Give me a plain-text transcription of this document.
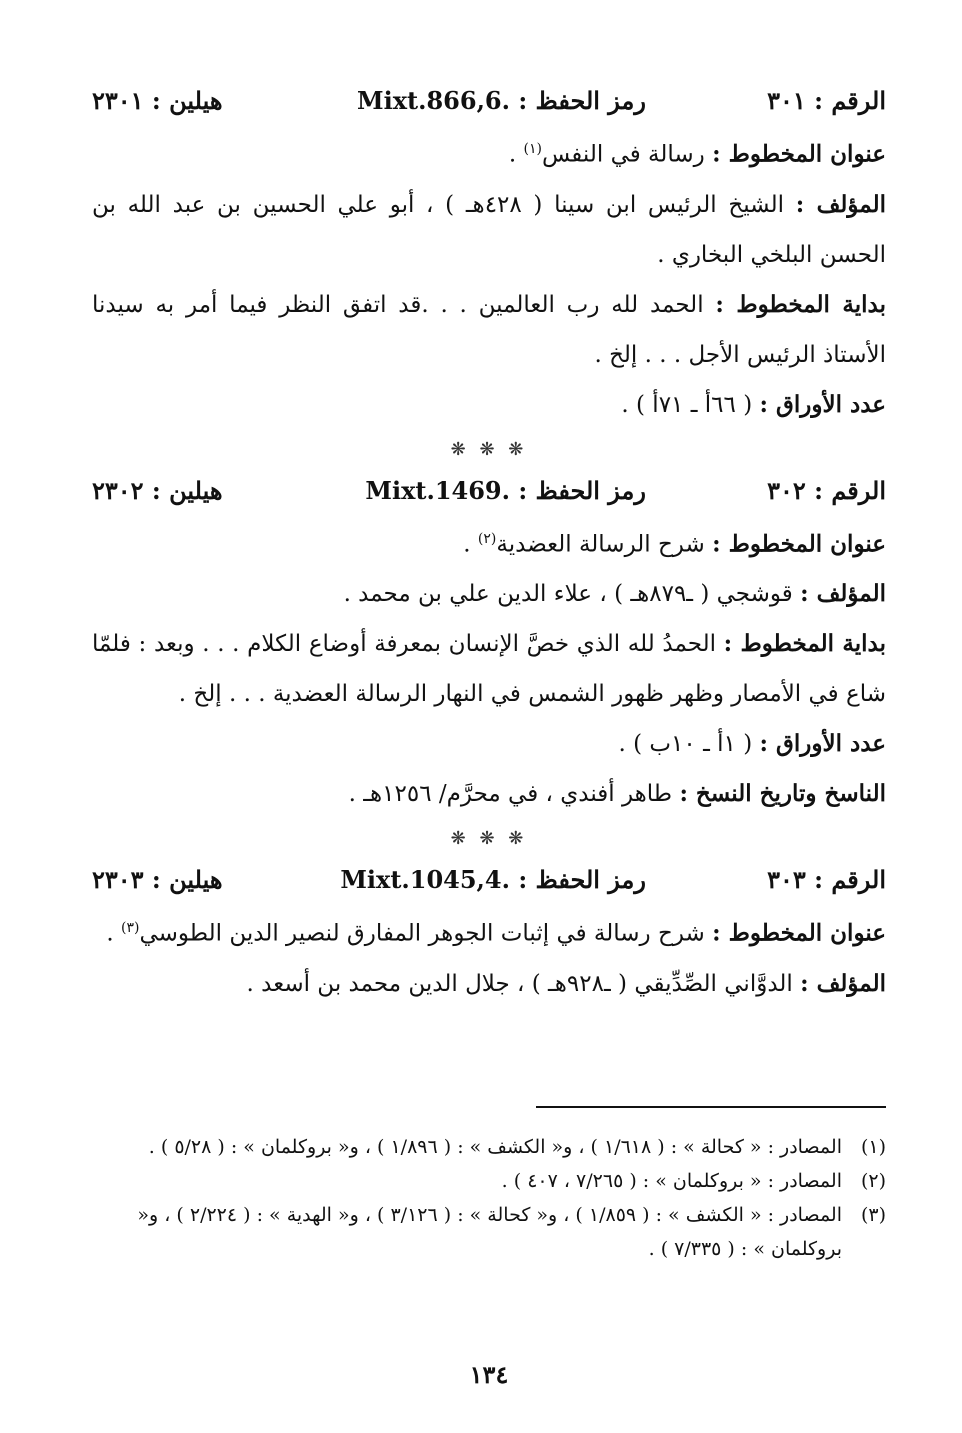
الرقم : ٣٠١
رمز الحفظ : .Mixt.866,6
هيلين : ٢٣٠١

عنوان المخطوط : رسالة في النفس$^{(١)}$ .

المؤلف : الشيخ الرئيس ابن سينا ( ٤٢٨هـ ) ، أبو علي الحسين بن عبد الله بن الحسن البلخي البخاري .

بداية المخطوط : الحمد لله رب العالمين . . .قد اتفق النظر فيما أمر به سيدنا الأستاذ الرئيس الأجل . . . إلخ .

عدد الأوراق : ( ٦٦أ ـ ٧١أ ) .

❋ ❋ ❋
الرقم : ٣٠٢
رمز الحفظ : .Mixt.1469
هيلين : ٢٣٠٢

عنوان المخطوط : شرح الرسالة العضدية$^{(٢)}$ .

المؤلف : قوشجي ( ـ٨٧٩هـ ) ، علاء الدين علي بن محمد .

بداية المخطوط : الحمدُ لله الذي خصَّ الإنسان بمعرفة أوضاع الكلام . . . وبعد : فلمّا شاع في الأمصار وظهر ظهور الشمس في النهار الرسالة العضدية . . . إلخ .

عدد الأوراق : ( ١أ ـ ١٠ب ) .

الناسخ وتاريخ النسخ : طاهر أفندي ، في محرَّم/ ١٢٥٦هـ .

❋ ❋ ❋
الرقم : ٣٠٣
رمز الحفظ : .Mixt.1045,4
هيلين : ٢٣٠٣

عنوان المخطوط : شرح رسالة في إثبات الجوهر المفارق لنصير الدين الطوسي$^{(٣)}$ .

المؤلف : الدوَّاني الصِّدِّيقي ( ـ٩٢٨هـ ) ، جلال الدين محمد بن أسعد .

(١)
المصادر : « كحالة » : ( ١/٦١٨ ) ، و« الكشف » : ( ١/٨٩٦ ) ، و« بروكلمان » : ( ٥/٢٨ ) .
(٢)
المصادر : « بروكلمان » : ( ٧/٢٦٥ ، ٤٠٧ ) .
(٣)
المصادر : « الكشف » : ( ١/٨٥٩ ) ، و« كحالة » : ( ٣/١٢٦ ) ، و« الهدية » : ( ٢/٢٢٤ ) ، و« بروكلمان » : ( ٧/٣٣٥ ) .
١٣٤
